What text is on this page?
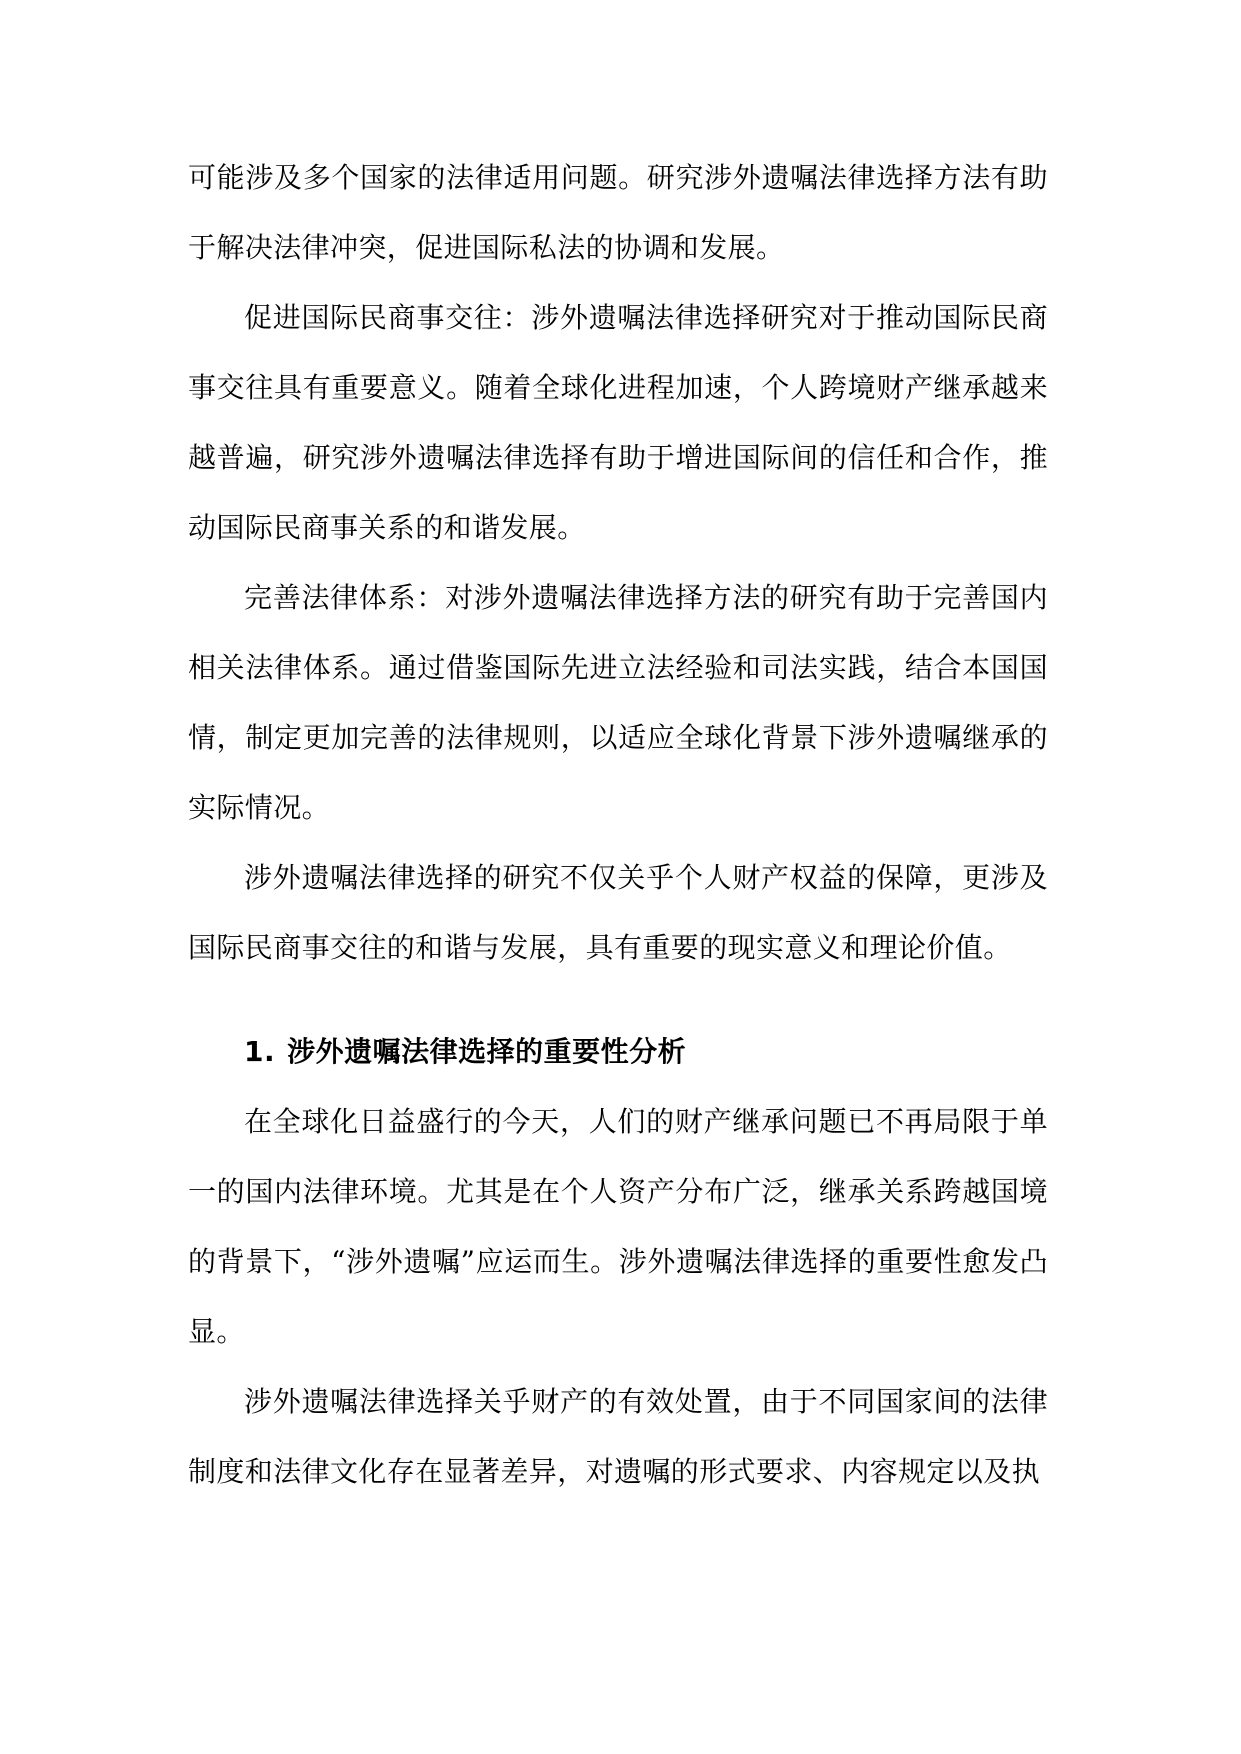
可能涉及多个国家的法律适用问题。研究涉外遗嘱法律选择方法有助于解决法律冲突，促进国际私法的协调和发展。

促进国际民商事交往：涉外遗嘱法律选择研究对于推动国际民商事交往具有重要意义。随着全球化进程加速，个人跨境财产继承越来越普遍，研究涉外遗嘱法律选择有助于增进国际间的信任和合作，推动国际民商事关系的和谐发展。

完善法律体系：对涉外遗嘱法律选择方法的研究有助于完善国内相关法律体系。通过借鉴国际先进立法经验和司法实践，结合本国国情，制定更加完善的法律规则，以适应全球化背景下涉外遗嘱继承的实际情况。

涉外遗嘱法律选择的研究不仅关乎个人财产权益的保障，更涉及国际民商事交往的和谐与发展，具有重要的现实意义和理论价值。

1. 涉外遗嘱法律选择的重要性分析

在全球化日益盛行的今天，人们的财产继承问题已不再局限于单一的国内法律环境。尤其是在个人资产分布广泛，继承关系跨越国境的背景下，“涉外遗嘱”应运而生。涉外遗嘱法律选择的重要性愈发凸显。

涉外遗嘱法律选择关乎财产的有效处置，由于不同国家间的法律制度和法律文化存在显著差异，对遗嘱的形式要求、内容规定以及执
